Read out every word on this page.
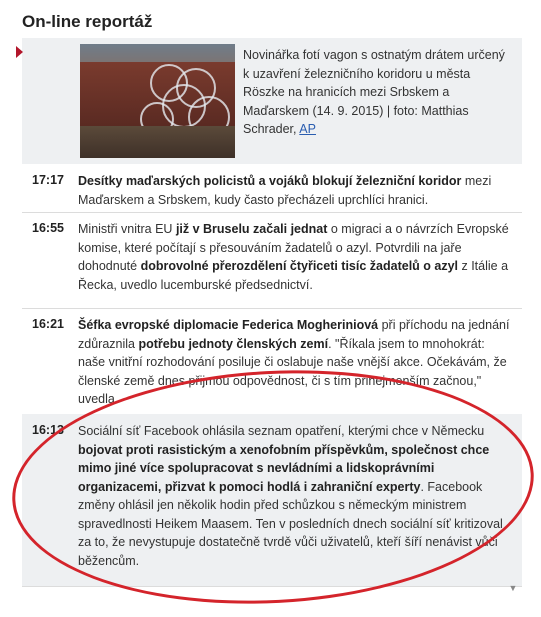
On-line reportáž
Novinářka fotí vagon s ostnatým drátem určený k uzavření železničního koridoru u města Röszke na hranicích mezi Srbskem a Maďarskem (14. 9. 2015) | foto: Matthias Schrader, AP
17:17 Desítky maďarských policistů a vojáků blokují železniční koridor mezi Maďarskem a Srbskem, kudy často přecházeli uprchlíci hranici.
16:55 Ministři vnitra EU již v Bruselu začali jednat o migraci a o návrzích Evropské komise, které počítají s přesouváním žadatelů o azyl. Potvrdili na jaře dohodnuté dobrovolné přerozdělení čtyřiceti tisíc žadatelů o azyl z Itálie a Řecka, uvedlo lucemburské předsednictví.
16:21 Šéfka evropské diplomacie Federica Mogheriniová při příchodu na jednání zdůraznila potřebu jednoty členských zemí. "Říkala jsem to mnohokrát: naše vnitřní rozhodování posiluje či oslabuje naše vnější akce. Očekávám, že členské země dnes přijmou odpovědnost, či s tím přinejmenším začnou," uvedla.
16:13 Sociální síť Facebook ohlásila seznam opatření, kterými chce v Německu bojovat proti rasistickým a xenofobním příspěvkům, společnost chce mimo jiné více spolupracovat s nevládními a lidskoprávními organizacemi, přizvat k pomoci hodlá i zahraniční experty. Facebook změny ohlásil jen několik hodin před schůzkou s německým ministrem spravedlnosti Heikem Maasem. Ten v posledních dnech sociální síť kritizoval za to, že nevystupuje dostatečně tvrdě vůči uživatelů, kteří šíří nenávist vůči běžencům.
▼
